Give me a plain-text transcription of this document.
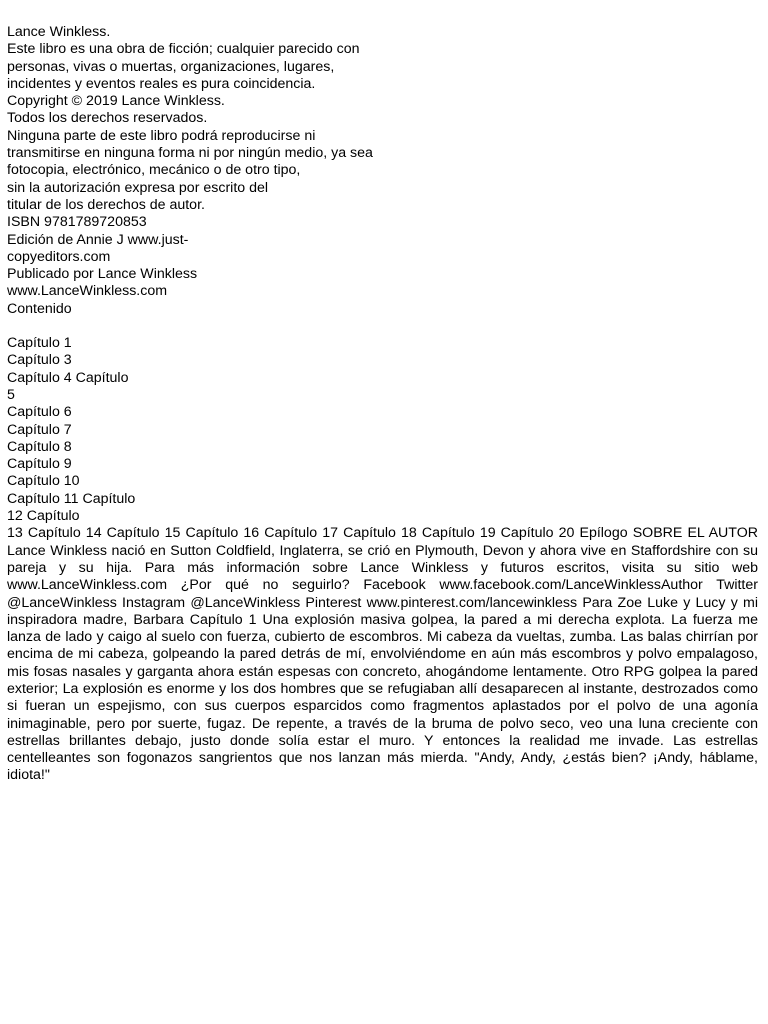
Lance Winkless.
Este libro es una obra de ficción; cualquier parecido con
personas, vivas o muertas, organizaciones, lugares,
incidentes y eventos reales es pura coincidencia.
Copyright © 2019 Lance Winkless.
Todos los derechos reservados.
Ninguna parte de este libro podrá reproducirse ni
transmitirse en ninguna forma ni por ningún medio, ya sea
fotocopia, electrónico, mecánico o de otro tipo,
sin la autorización expresa por escrito del
titular de los derechos de autor.
ISBN 9781789720853
Edición de Annie J www.just-
copyeditors.com
Publicado por Lance Winkless
www.LanceWinkless.com
Contenido
Capítulo 1
Capítulo 3
Capítulo 4 Capítulo
5
Capítulo 6
Capítulo 7
Capítulo 8
Capítulo 9
Capítulo 10
Capítulo 11 Capítulo
12 Capítulo

13 Capítulo 14 Capítulo 15 Capítulo 16 Capítulo 17 Capítulo 18 Capítulo 19 Capítulo 20 Epílogo SOBRE EL AUTOR Lance Winkless nació en Sutton Coldfield, Inglaterra, se crió en Plymouth, Devon y ahora vive en Staffordshire con su pareja y su hija. Para más información sobre Lance Winkless y futuros escritos, visita su sitio web www.LanceWinkless.com ¿Por qué no seguirlo? Facebook www.facebook.com/LanceWinklessAuthor Twitter @LanceWinkless Instagram @LanceWinkless Pinterest www.pinterest.com/lancewinkless Para Zoe Luke y Lucy y mi inspiradora madre, Barbara Capítulo 1 Una explosión masiva golpea, la pared a mi derecha explota. La fuerza me lanza de lado y caigo al suelo con fuerza, cubierto de escombros. Mi cabeza da vueltas, zumba. Las balas chirrían por encima de mi cabeza, golpeando la pared detrás de mí, envolviéndome en aún más escombros y polvo empalagoso, mis fosas nasales y garganta ahora están espesas con concreto, ahogándome lentamente. Otro RPG golpea la pared exterior; La explosión es enorme y los dos hombres que se refugiaban allí desaparecen al instante, destrozados como si fueran un espejismo, con sus cuerpos esparcidos como fragmentos aplastados por el polvo de una agonía inimaginable, pero por suerte, fugaz. De repente, a través de la bruma de polvo seco, veo una luna creciente con estrellas brillantes debajo, justo donde solía estar el muro. Y entonces la realidad me invade. Las estrellas centelleantes son fogonazos sangrientos que nos lanzan más mierda. "Andy, Andy, ¿estás bien? ¡Andy, háblame, idiota!"
